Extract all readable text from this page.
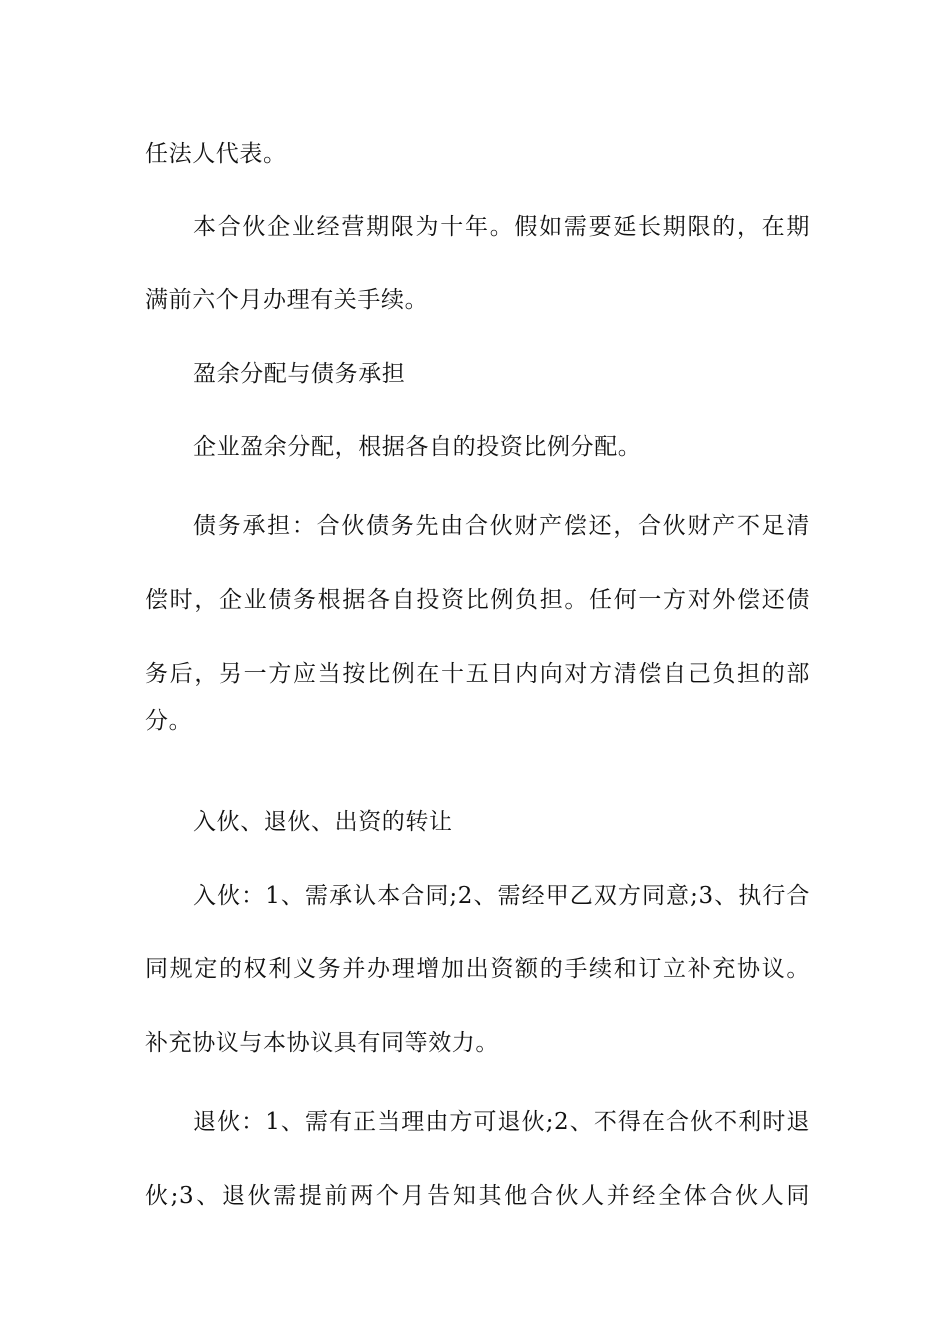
任法人代表。
本合伙企业经营期限为十年。假如需要延长期限的，在期
满前六个月办理有关手续。
盈余分配与债务承担
企业盈余分配，根据各自的投资比例分配。
债务承担：合伙债务先由合伙财产偿还，合伙财产不足清
偿时，企业债务根据各自投资比例负担。任何一方对外偿还债
务后，另一方应当按比例在十五日内向对方清偿自己负担的部
分。
入伙、退伙、出资的转让
入伙：1、需承认本合同;2、需经甲乙双方同意;3、执行合
同规定的权利义务并办理增加出资额的手续和订立补充协议。
补充协议与本协议具有同等效力。
退伙：1、需有正当理由方可退伙;2、不得在合伙不利时退
伙;3、退伙需提前两个月告知其他合伙人并经全体合伙人同
